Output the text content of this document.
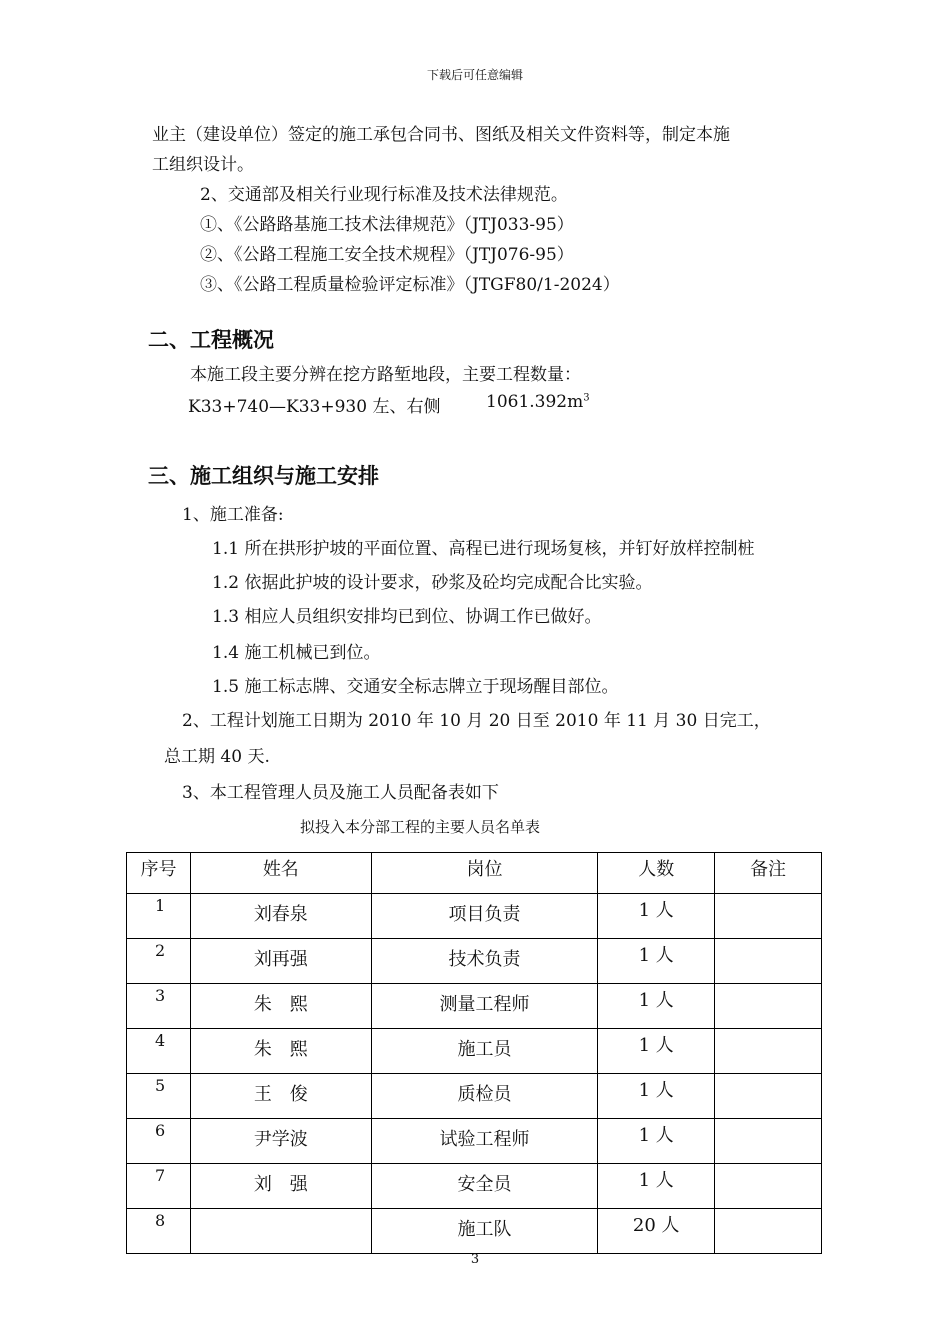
下载后可任意编辑
业主（建设单位）签定的施工承包合同书、图纸及相关文件资料等，制定本施
工组织设计。
2、交通部及相关行业现行标准及技术法律规范。
①、《公路路基施工技术法律规范》（JTJ033-95）
②、《公路工程施工安全技术规程》（JTJ076-95）
③、《公路工程质量检验评定标准》（JTGF80/1-2024）
二、工程概况
本施工段主要分辨在挖方路堑地段，主要工程数量：
K33+740—K33+930 左、右侧	$1061.392m^3$
三、施工组织与施工安排
1、施工准备:
1.1 所在拱形护坡的平面位置、高程已进行现场复核，并钉好放样控制桩
1.2 依据此护坡的设计要求，砂浆及砼均完成配合比实验。
1.3 相应人员组织安排均已到位、协调工作已做好。
1.4 施工机械已到位。
1.5 施工标志牌、交通安全标志牌立于现场醒目部位。
2、工程计划施工日期为 2010 年 10 月 20 日至 2010 年 11 月 30 日完工，
总工期 40 天.
3、本工程管理人员及施工人员配备表如下
拟投入本分部工程的主要人员名单表
序号	姓名	岗位	人数	备注
1	刘春泉	项目负责	1 人	
2	刘再强	技术负责	1 人	
3	朱　熙	测量工程师	1 人	
4	朱　熙	施工员	1 人	
5	王　俊	质检员	1 人	
6	尹学波	试验工程师	1 人	
7	刘　强	安全员	1 人	
8		施工队	20 人	
3
